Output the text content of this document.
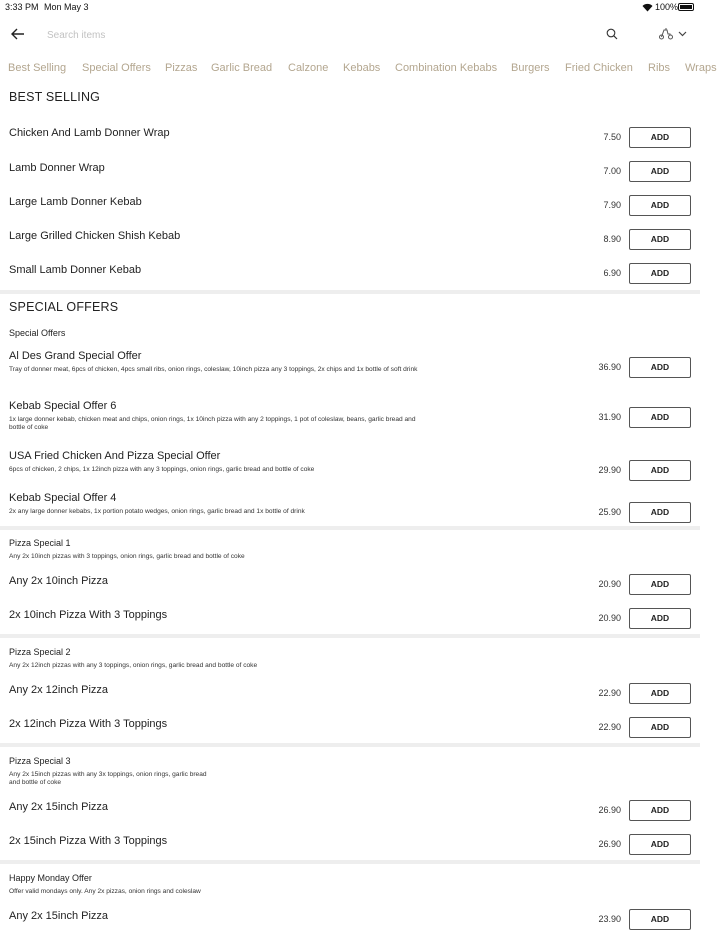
3:33 PM Mon May 3	100%
Search items
Best Selling Special Offers Pizzas Garlic Bread Calzone Kebabs Combination Kebabs Burgers Fried Chicken Ribs Wraps
BEST SELLING
Chicken And Lamb Donner Wrap	7.50	ADD
Lamb Donner Wrap	7.00	ADD
Large Lamb Donner Kebab	7.90	ADD
Large Grilled Chicken Shish Kebab	8.90	ADD
Small Lamb Donner Kebab	6.90	ADD
SPECIAL OFFERS
Special Offers
Al Des Grand Special Offer
Tray of donner meat, 6pcs of chicken, 4pcs small ribs, onion rings, coleslaw, 10inch pizza any 3 toppings, 2x chips and 1x bottle of soft drink	36.90	ADD
Kebab Special Offer 6
1x large donner kebab, chicken meat and chips, onion rings, 1x 10inch pizza with any 2 toppings, 1 pot of coleslaw, beans, garlic bread and bottle of coke
31.90	ADD
USA Fried Chicken And Pizza Special Offer
6pcs of chicken, 2 chips, 1x 12inch pizza with any 3 toppings, onion rings, garlic bread and bottle of coke	29.90	ADD
Kebab Special Offer 4
2x any large donner kebabs, 1x portion potato wedges, onion rings, garlic bread and 1x bottle of drink	25.90	ADD
Pizza Special 1
Any 2x 10inch pizzas with 3 toppings, onion rings, garlic bread and bottle of coke
Any 2x 10inch Pizza	20.90	ADD
2x 10inch Pizza With 3 Toppings	20.90	ADD
Pizza Special 2
Any 2x 12inch pizzas with any 3 toppings, onion rings, garlic bread and bottle of coke
Any 2x 12inch Pizza	22.90	ADD
2x 12inch Pizza With 3 Toppings	22.90	ADD
Pizza Special 3
Any 2x 15inch pizzas with any 3x toppings, onion rings, garlic bread
and bottle of coke
Any 2x 15inch Pizza	26.90	ADD
2x 15inch Pizza With 3 Toppings	26.90	ADD
Happy Monday Offer
Offer valid mondays only. Any 2x pizzas, onion rings and coleslaw
Any 2x 15inch Pizza	23.90	ADD
